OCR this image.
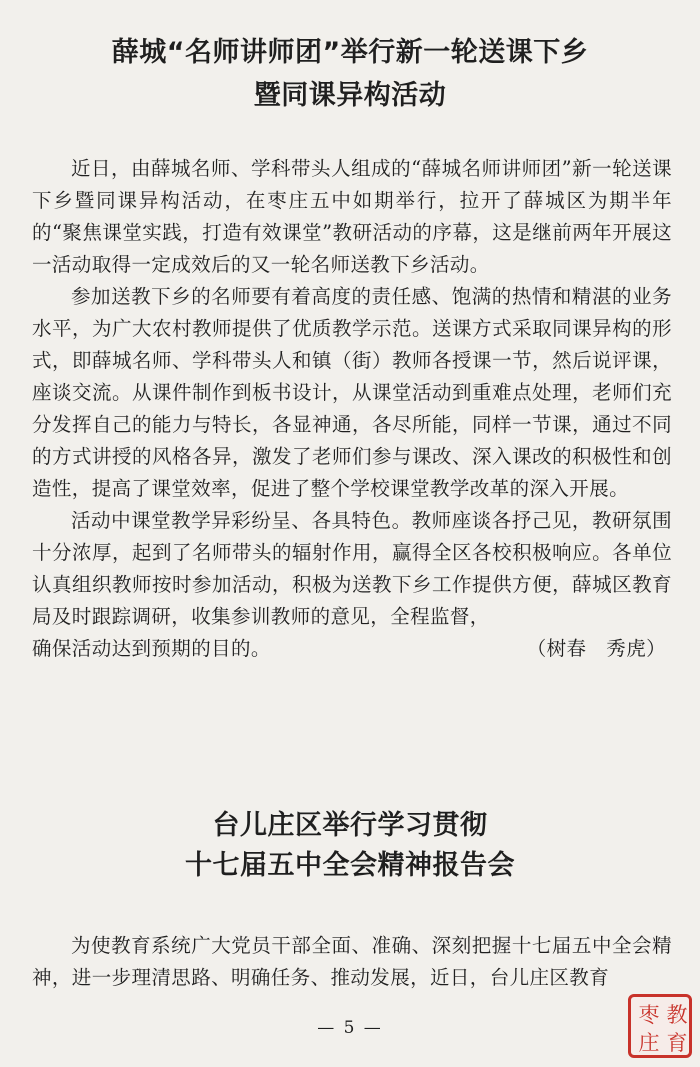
薛城“名师讲师团”举行新一轮送课下乡
暨同课异构活动

近日，由薛城名师、学科带头人组成的“薛城名师讲师团”新一轮送课下乡暨同课异构活动，在枣庄五中如期举行，拉开了薛城区为期半年的“聚焦课堂实践，打造有效课堂”教研活动的序幕，这是继前两年开展这一活动取得一定成效后的又一轮名师送教下乡活动。

参加送教下乡的名师要有着高度的责任感、饱满的热情和精湛的业务水平，为广大农村教师提供了优质教学示范。送课方式采取同课异构的形式，即薛城名师、学科带头人和镇（街）教师各授课一节，然后说评课，座谈交流。从课件制作到板书设计，从课堂活动到重难点处理，老师们充分发挥自己的能力与特长，各显神通，各尽所能，同样一节课，通过不同的方式讲授的风格各异，激发了老师们参与课改、深入课改的积极性和创造性，提高了课堂效率，促进了整个学校课堂教学改革的深入开展。

活动中课堂教学异彩纷呈、各具特色。教师座谈各抒己见，教研氛围十分浓厚，起到了名师带头的辐射作用，赢得全区各校积极响应。各单位认真组织教师按时参加活动，积极为送教下乡工作提供方便，薛城区教育局及时跟踪调研，收集参训教师的意见，全程监督，

确保活动达到预期的目的。	（树春　秀虎）
台儿庄区举行学习贯彻
十七届五中全会精神报告会

为使教育系统广大党员干部全面、准确、深刻把握十七届五中全会精神，进一步理清思路、明确任务、推动发展，近日，台儿庄区教育

— 5 —
枣 教
庄 育
